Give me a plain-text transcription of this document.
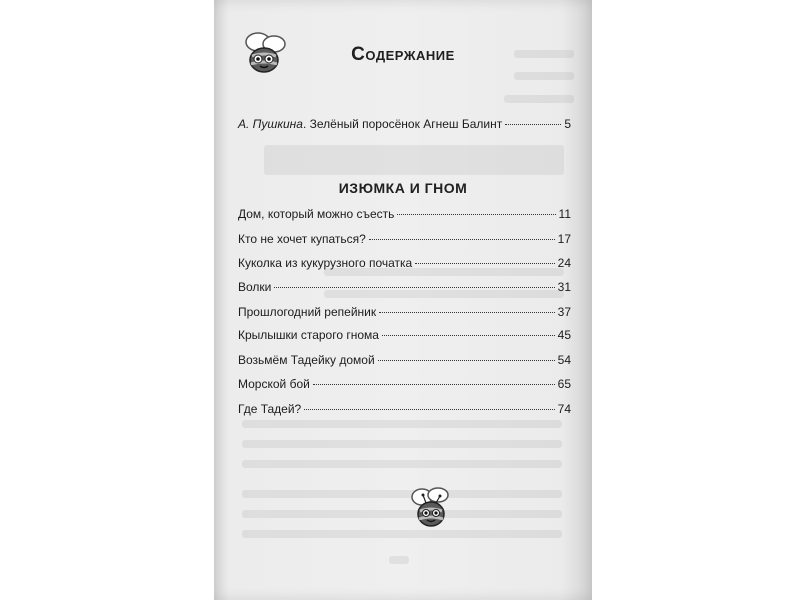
Содержание
А. Пушкина. Зелёный поросёнок Агнеш Балинт	5
ИЗЮМКА И ГНОМ
Дом, который можно съесть	11
Кто не хочет купаться?	17
Куколка из кукурузного початка	24
Волки	31
Прошлогодний репейник	37
Крылышки старого гнома	45
Возьмём Тадейку домой	54
Морской бой	65
Где Тадей?	74
